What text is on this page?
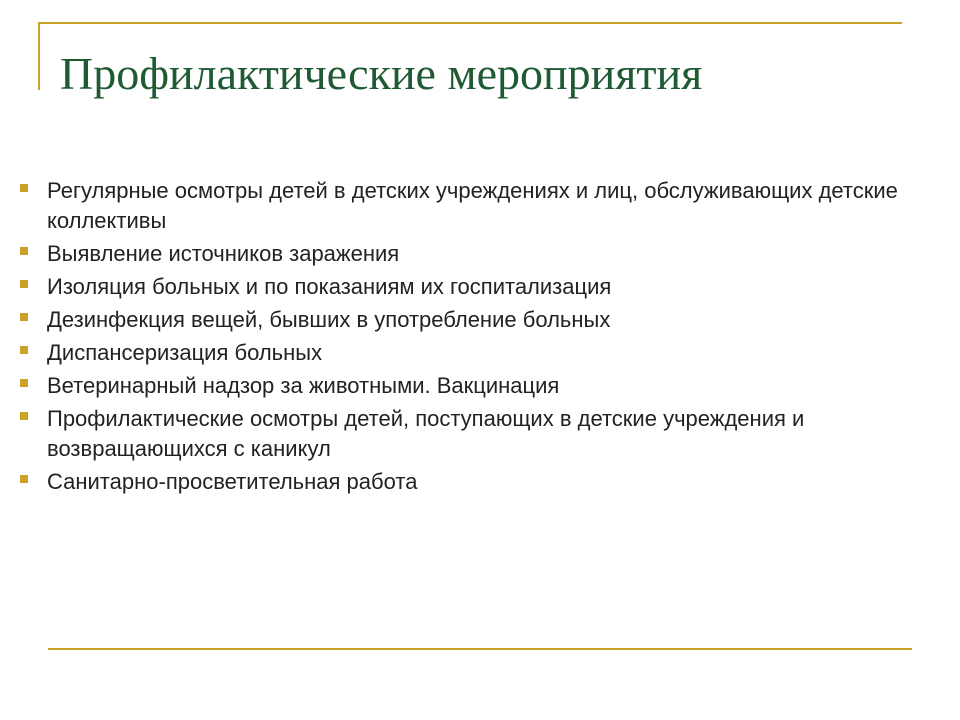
Профилактические мероприятия
Регулярные осмотры детей в детских учреждениях и лиц, обслуживающих детские коллективы
Выявление источников заражения
Изоляция больных и по показаниям их госпитализация
Дезинфекция вещей, бывших в употребление больных
Диспансеризация больных
Ветеринарный надзор за животными. Вакцинация
Профилактические осмотры детей, поступающих в детские учреждения и возвращающихся с каникул
Санитарно-просветительная работа
